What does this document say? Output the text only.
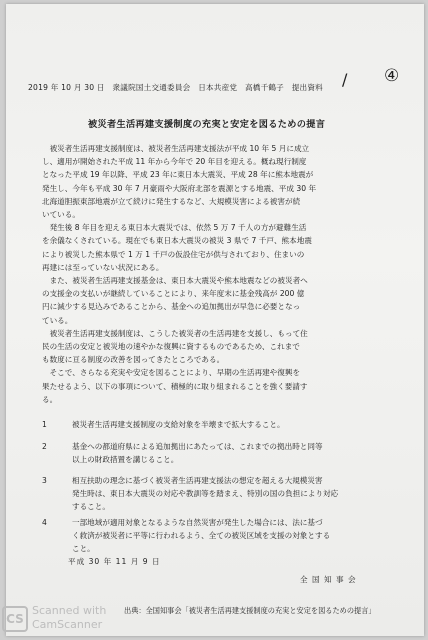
2019 年 10 月 30 日　衆議院国土交通委員会　日本共産党　高橋千鶴子　提出資料 / ④
被災者生活再建支援制度の充実と安定を図るための提言

　被災者生活再建支援制度は、被災者生活再建支援法が平成 10 年 5 月に成立

し、適用が開始された平成 11 年から今年で 20 年目を迎える。概ね現行制度

となった平成 19 年以降、平成 23 年に東日本大震災、平成 28 年に熊本地震が

発生し、今年も平成 30 年 7 月豪雨や大阪府北部を震源とする地震、平成 30 年

北海道胆振東部地震が立て続けに発生するなど、大規模災害による被害が続

いている。

　発生後 8 年目を迎える東日本大震災では、依然 5 万 7 千人の方が避難生活

を余儀なくされている。現在でも東日本大震災の被災 3 県で 7 千戸、熊本地震

により被災した熊本県で 1 万 1 千戸の仮設住宅が供与されており、住まいの

再建には至っていない状況にある。

　また、被災者生活再建支援基金は、東日本大震災や熊本地震などの被災者へ

の支援金の支払いが継続していることにより、来年度末に基金残高が 200 億

円に減少する見込みであることから、基金への追加拠出が早急に必要となっ

ている。

　被災者生活再建支援制度は、こうした被災者の生活再建を支援し、もって住

民の生活の安定と被災地の速やかな復興に資するものであるため、これまで

も数度に亘る制度の改善を図ってきたところである。

　そこで、さらなる充実や安定を図ることにより、早期の生活再建や復興を

果たせるよう、以下の事項について、積極的に取り組まれることを強く要請す

る。

1	被災者生活再建支援制度の支給対象を半壊まで拡大すること。
2	基金への都道府県による追加拠出にあたっては、これまでの拠出時と同等
以上の財政措置を講じること。
3	相互扶助の理念に基づく被災者生活再建支援法の想定を超える大規模災害
発生時は、東日本大震災の対応や教訓等を踏まえ、特別の国の負担により対応
すること。
4	一部地域が適用対象となるような自然災害が発生した場合には、法に基づ
く救済が被災者に平等に行われるよう、全ての被災区域を支援の対象とする
こと。
平成 30 年 11 月 9 日
全 国 知 事 会
出典：全国知事会「被災者生活再建支援制度の充実と安定を図るための提言」
CS
Scanned with
CamScanner
